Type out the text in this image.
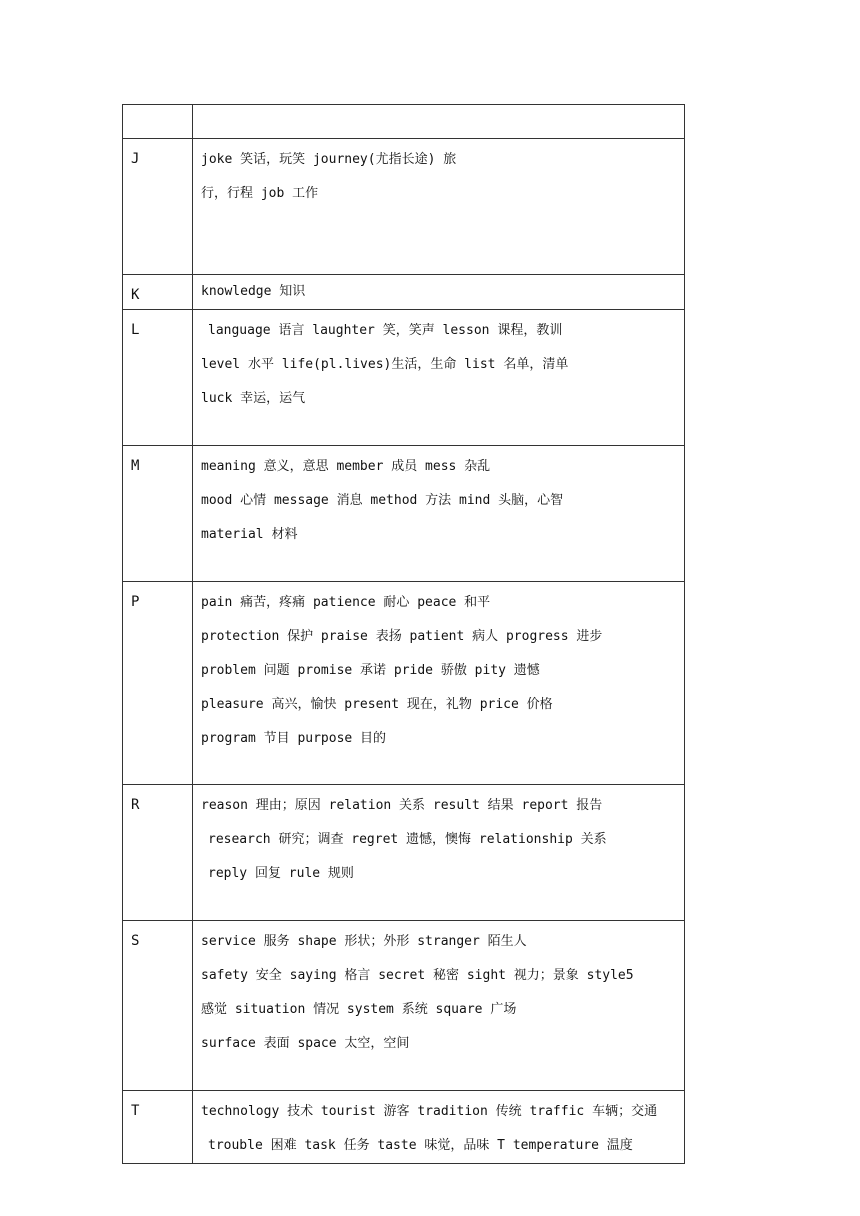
J	joke 笑话，玩笑 journey(尤指长途) 旅
行，行程 job 工作

K	knowledge 知识

L	language 语言 laughter 笑，笑声 lesson 课程，教训
level 水平 life(pl.lives)生活，生命 list 名单，清单
luck 幸运，运气

M	meaning 意义，意思 member 成员 mess 杂乱
mood 心情 message 消息 method 方法 mind 头脑，心智
material 材料

P	pain 痛苦，疼痛 patience 耐心 peace 和平
protection 保护 praise 表扬 patient 病人 progress 进步
problem 问题 promise 承诺 pride 骄傲 pity 遗憾
pleasure 高兴，愉快 present 现在，礼物 price 价格
program 节目 purpose 目的

R	reason 理由；原因 relation 关系 result 结果 report 报告
research 研究；调查 regret 遗憾，懊悔 relationship 关系
reply 回复 rule 规则

S	service 服务 shape 形状；外形 stranger 陌生人
safety 安全 saying 格言 secret 秘密 sight 视力；景象 style5
感觉 situation 情况 system 系统 square 广场
surface 表面 space 太空，空间

T	technology 技术 tourist 游客 tradition 传统 traffic 车辆；交通
trouble 困难 task 任务 taste 味觉，品味 T temperature 温度
